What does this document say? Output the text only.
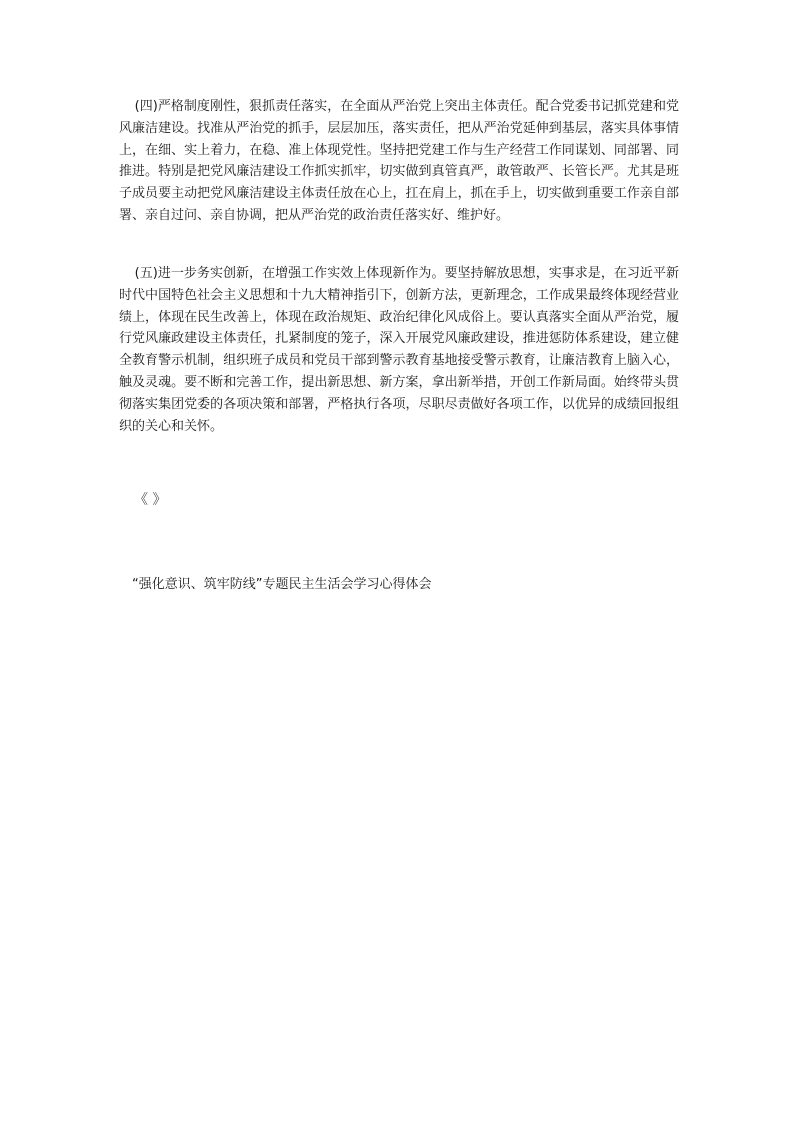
(四)严格制度刚性，狠抓责任落实，在全面从严治党上突出主体责任。配合党委书记抓党建和党风廉洁建设。找准从严治党的抓手，层层加压，落实责任，把从严治党延伸到基层，落实具体事情上，在细、实上着力，在稳、准上体现党性。坚持把党建工作与生产经营工作同谋划、同部署、同推进。特别是把党风廉洁建设工作抓实抓牢，切实做到真管真严，敢管敢严、长管长严。尤其是班子成员要主动把党风廉洁建设主体责任放在心上，扛在肩上，抓在手上，切实做到重要工作亲自部署、亲自过问、亲自协调，把从严治党的政治责任落实好、维护好。

(五)进一步务实创新，在增强工作实效上体现新作为。要坚持解放思想，实事求是，在习近平新时代中国特色社会主义思想和十九大精神指引下，创新方法，更新理念，工作成果最终体现经营业绩上，体现在民生改善上，体现在政治规矩、政治纪律化风成俗上。要认真落实全面从严治党，履行党风廉政建设主体责任，扎紧制度的笼子，深入开展党风廉政建设，推进惩防体系建设，建立健全教育警示机制，组织班子成员和党员干部到警示教育基地接受警示教育，让廉洁教育上脑入心，触及灵魂。要不断和完善工作，提出新思想、新方案，拿出新举措，开创工作新局面。始终带头贯彻落实集团党委的各项决策和部署，严格执行各项，尽职尽责做好各项工作，以优异的成绩回报组织的关心和关怀。

《 》

“强化意识、筑牢防线”专题民主生活会学习心得体会
